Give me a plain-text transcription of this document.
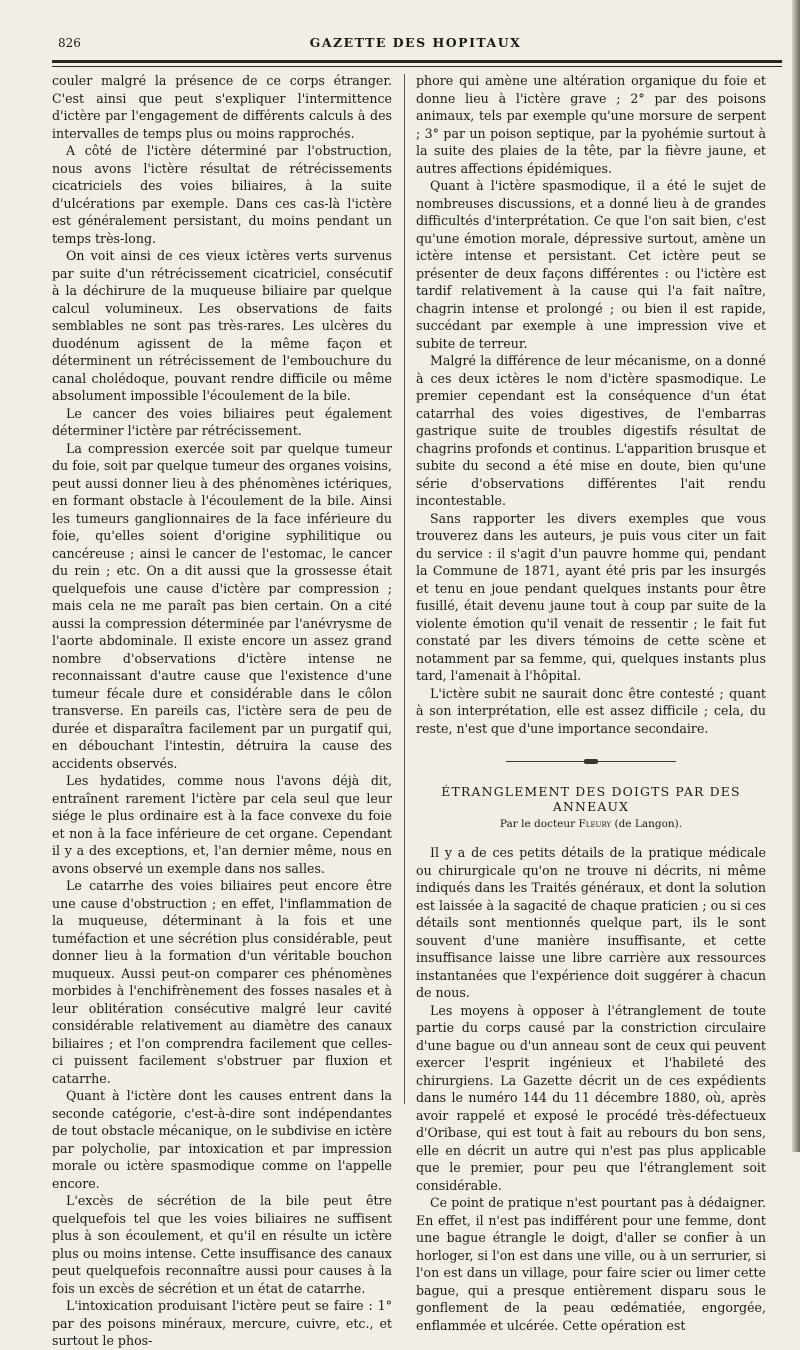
826	GAZETTE DES HOPITAUX

couler malgré la présence de ce corps étranger. C'est ainsi que peut s'expliquer l'intermittence d'ictère par l'engagement de différents calculs à des intervalles de temps plus ou moins rapprochés.

A côté de l'ictère déterminé par l'obstruction, nous avons l'ictère résultat de rétrécissements cicatriciels des voies biliaires, à la suite d'ulcérations par exemple. Dans ces cas-là l'ictère est généralement persistant, du moins pendant un temps très-long.

On voit ainsi de ces vieux ictères verts survenus par suite d'un rétrécissement cicatriciel, consécutif à la déchirure de la muqueuse biliaire par quelque calcul volumineux. Les observations de faits semblables ne sont pas très-rares. Les ulcères du duodénum agissent de la même façon et déterminent un rétrécissement de l'embouchure du canal cholédoque, pouvant rendre difficile ou même absolument impossible l'écoulement de la bile.

Le cancer des voies biliaires peut également déterminer l'ictère par rétrécissement.

La compression exercée soit par quelque tumeur du foie, soit par quelque tumeur des organes voisins, peut aussi donner lieu à des phénomènes ictériques, en formant obstacle à l'écoulement de la bile. Ainsi les tumeurs ganglionnaires de la face inférieure du foie, qu'elles soient d'origine syphilitique ou cancéreuse ; ainsi le cancer de l'estomac, le cancer du rein ; etc. On a dit aussi que la grossesse était quelquefois une cause d'ictère par compression ; mais cela ne me paraît pas bien certain. On a cité aussi la compression déterminée par l'anévrysme de l'aorte abdominale. Il existe encore un assez grand nombre d'observations d'ictère intense ne reconnaissant d'autre cause que l'existence d'une tumeur fécale dure et considérable dans le côlon transverse. En pareils cas, l'ictère sera de peu de durée et disparaîtra facilement par un purgatif qui, en débouchant l'intestin, détruira la cause des accidents observés.

Les hydatides, comme nous l'avons déjà dit, entraînent rarement l'ictère par cela seul que leur siége le plus ordinaire est à la face convexe du foie et non à la face inférieure de cet organe. Cependant il y a des exceptions, et, l'an dernier même, nous en avons observé un exemple dans nos salles.

Le catarrhe des voies biliaires peut encore être une cause d'obstruction ; en effet, l'inflammation de la muqueuse, déterminant à la fois et une tuméfaction et une sécrétion plus considérable, peut donner lieu à la formation d'un véritable bouchon muqueux. Aussi peut-on comparer ces phénomènes morbides à l'enchifrènement des fosses nasales et à leur oblitération consécutive malgré leur cavité considérable relativement au diamètre des canaux biliaires ; et l'on comprendra facilement que celles-ci puissent facilement s'obstruer par fluxion et catarrhe.

Quant à l'ictère dont les causes entrent dans la seconde catégorie, c'est-à-dire sont indépendantes de tout obstacle mécanique, on le subdivise en ictère par polycholie, par intoxication et par impression morale ou ictère spasmodique comme on l'appelle encore.

L'excès de sécrétion de la bile peut être quelquefois tel que les voies biliaires ne suffisent plus à son écoulement, et qu'il en résulte un ictère plus ou moins intense. Cette insuffisance des canaux peut quelquefois reconnaître aussi pour causes à la fois un excès de sécrétion et un état de catarrhe.

L'intoxication produisant l'ictère peut se faire : 1° par des poisons minéraux, mercure, cuivre, etc., et surtout le phos-

phore qui amène une altération organique du foie et donne lieu à l'ictère grave ; 2° par des poisons animaux, tels par exemple qu'une morsure de serpent ; 3° par un poison septique, par la pyohémie surtout à la suite des plaies de la tête, par la fièvre jaune, et autres affections épidémiques.

Quant à l'ictère spasmodique, il a été le sujet de nombreuses discussions, et a donné lieu à de grandes difficultés d'interprétation. Ce que l'on sait bien, c'est qu'une émotion morale, dépressive surtout, amène un ictère intense et persistant. Cet ictère peut se présenter de deux façons différentes : ou l'ictère est tardif relativement à la cause qui l'a fait naître, chagrin intense et prolongé ; ou bien il est rapide, succédant par exemple à une impression vive et subite de terreur.

Malgré la différence de leur mécanisme, on a donné à ces deux ictères le nom d'ictère spasmodique. Le premier cependant est la conséquence d'un état catarrhal des voies digestives, de l'embarras gastrique suite de troubles digestifs résultat de chagrins profonds et continus. L'apparition brusque et subite du second a été mise en doute, bien qu'une série d'observations différentes l'ait rendu incontestable.

Sans rapporter les divers exemples que vous trouverez dans les auteurs, je puis vous citer un fait du service : il s'agit d'un pauvre homme qui, pendant la Commune de 1871, ayant été pris par les insurgés et tenu en joue pendant quelques instants pour être fusillé, était devenu jaune tout à coup par suite de la violente émotion qu'il venait de ressentir ; le fait fut constaté par les divers témoins de cette scène et notamment par sa femme, qui, quelques instants plus tard, l'amenait à l'hôpital.

L'ictère subit ne saurait donc être contesté ; quant à son interprétation, elle est assez difficile ; cela, du reste, n'est que d'une importance secondaire.

ÉTRANGLEMENT DES DOIGTS PAR DES ANNEAUX
Par le docteur Fleury (de Langon).

Il y a de ces petits détails de la pratique médicale ou chirurgicale qu'on ne trouve ni décrits, ni même indiqués dans les Traités généraux, et dont la solution est laissée à la sagacité de chaque praticien ; ou si ces détails sont mentionnés quelque part, ils le sont souvent d'une manière insuffisante, et cette insuffisance laisse une libre carrière aux ressources instantanées que l'expérience doit suggérer à chacun de nous.

Les moyens à opposer à l'étranglement de toute partie du corps causé par la constriction circulaire d'une bague ou d'un anneau sont de ceux qui peuvent exercer l'esprit ingénieux et l'habileté des chirurgiens. La Gazette décrit un de ces expédients dans le numéro 144 du 11 décembre 1880, où, après avoir rappelé et exposé le procédé très-défectueux d'Oribase, qui est tout à fait au rebours du bon sens, elle en décrit un autre qui n'est pas plus applicable que le premier, pour peu que l'étranglement soit considérable.

Ce point de pratique n'est pourtant pas à dédaigner. En effet, il n'est pas indifférent pour une femme, dont une bague étrangle le doigt, d'aller se confier à un horloger, si l'on est dans une ville, ou à un serrurier, si l'on est dans un village, pour faire scier ou limer cette bague, qui a presque entièrement disparu sous le gonflement de la peau œdématiée, engorgée, enflammée et ulcérée. Cette opération est
